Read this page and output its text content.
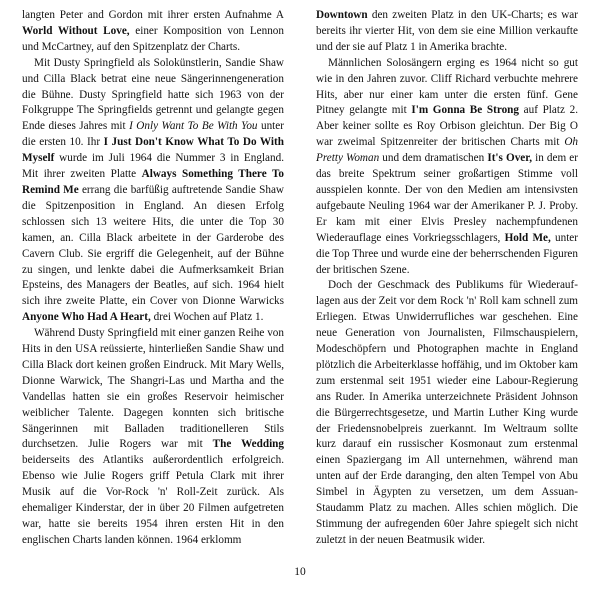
langten Peter and Gordon mit ihrer ersten Aufnahme A World Without Love, einer Komposition von Lennon und McCartney, auf den Spitzenplatz der Charts.

Mit Dusty Springfield als Solokünstlerin, Sandie Shaw und Cilla Black betrat eine neue Sängerinnengeneration die Bühne. Dusty Springfield hatte sich 1963 von der Folkgruppe The Springfields getrennt und gelangte gegen Ende dieses Jahres mit I Only Want To Be With You unter die ersten 10. Ihr I Just Don't Know What To Do With Myself wurde im Juli 1964 die Nummer 3 in England. Mit ihrer zweiten Platte Always Something There To Remind Me errang die barfüßig auftretende Sandie Shaw die Spitzenposition in England. An diesen Erfolg schlossen sich 13 weitere Hits, die unter die Top 30 kamen, an. Cilla Black arbeitete in der Garderobe des Cavern Club. Sie ergriff die Gelegenheit, auf der Bühne zu singen, und lenkte dabei die Aufmerksamkeit Brian Epsteins, des Managers der Beatles, auf sich. 1964 hielt sich ihre zweite Platte, ein Cover von Dionne Warwicks Anyone Who Had A Heart, drei Wochen auf Platz 1.

Während Dusty Springfield mit einer ganzen Reihe von Hits in den USA reüssierte, hinterließen Sandie Shaw und Cilla Black dort keinen großen Eindruck. Mit Mary Wells, Dionne Warwick, The Shangri-Las und Martha and the Vandellas hatten sie ein großes Reservoir heimischer weiblicher Talente. Dagegen konnten sich britische Sängerinnen mit Balladen traditionelleren Stils durchsetzen. Julie Rogers war mit The Wedding beiderseits des Atlantiks außerordentlich erfolgreich. Ebenso wie Julie Rogers griff Petula Clark mit ihrer Musik auf die Vor-Rock 'n' Roll-Zeit zurück. Als ehemaliger Kinderstar, der in über 20 Filmen aufgetreten war, hatte sie bereits 1954 ihren ersten Hit in den englischen Charts landen können. 1964 erklomm

Downtown den zweiten Platz in den UK-Charts; es war bereits ihr vierter Hit, von dem sie eine Million verkaufte und der sie auf Platz 1 in Amerika brachte.

Männlichen Solosängern erging es 1964 nicht so gut wie in den Jahren zuvor. Cliff Richard verbuchte mehrere Hits, aber nur einer kam unter die ersten fünf. Gene Pitney gelangte mit I'm Gonna Be Strong auf Platz 2. Aber keiner sollte es Roy Orbison gleichtun. Der Big O war zweimal Spitzenreiter der britischen Charts mit Oh Pretty Woman und dem dramatischen It's Over, in dem er das breite Spektrum seiner großartigen Stimme voll ausspielen konnte. Der von den Medien am intensivsten aufgebaute Neuling 1964 war der Amerikaner P. J. Proby. Er kam mit einer Elvis Presley nachempfundenen Wiederauflage eines Vorkriegsschlagers, Hold Me, unter die Top Three und wurde eine der beherrschenden Figuren der britischen Szene.

Doch der Geschmack des Publikums für Wiederauflagen aus der Zeit vor dem Rock 'n' Roll kam schnell zum Erliegen. Etwas Unwiderrufliches war geschehen. Eine neue Generation von Journalisten, Filmschauspielern, Modeschöpfern und Photographen machte in England plötzlich die Arbeiterklasse hoffähig, und im Oktober kam zum erstenmal seit 1951 wieder eine Labour-Regierung ans Ruder. In Amerika unterzeichnete Präsident Johnson die Bürgerrechtsgesetze, und Martin Luther King wurde der Friedensnobelpreis zuerkannt. Im Weltraum sollte kurz darauf ein russischer Kosmonaut zum erstenmal einen Spaziergang im All unternehmen, während man unten auf der Erde daranging, den alten Tempel von Abu Simbel in Ägypten zu versetzen, um dem Assuan-Staudamm Platz zu machen. Alles schien möglich. Die Stimmung der aufregenden 60er Jahre spiegelt sich nicht zuletzt in der neuen Beatmusik wider.

10
